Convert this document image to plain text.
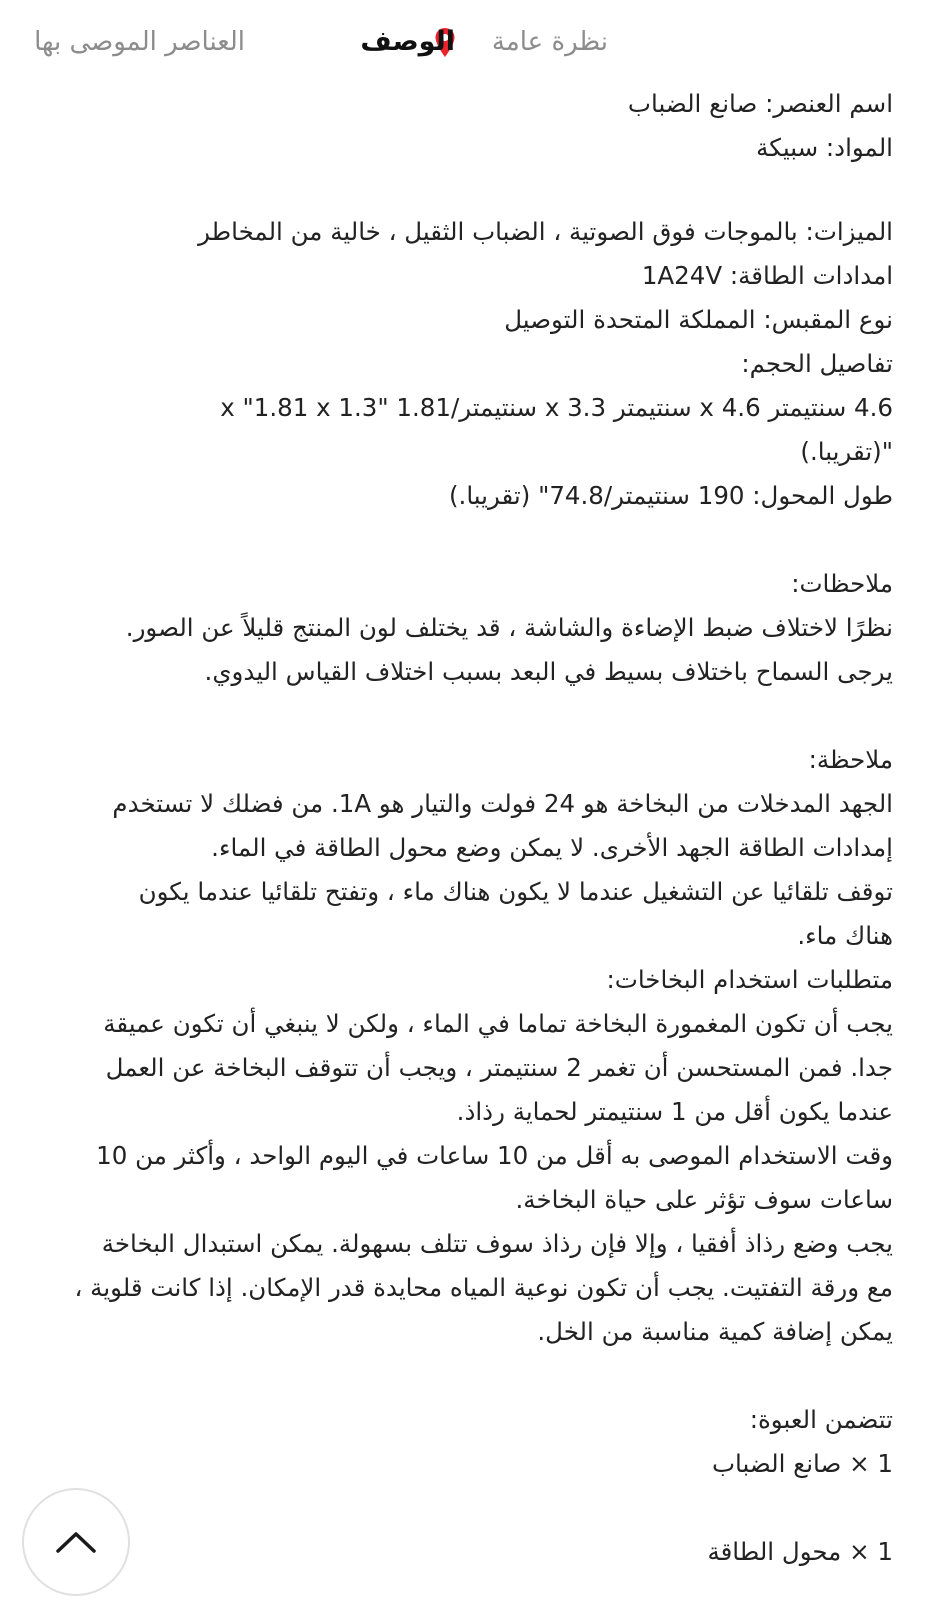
نظرة عامة
الوصف
العناصر الموصى بها

اسم العنصر: صانع الضباب

المواد: سبيكة

الميزات: بالموجات فوق الصوتية ، الضباب الثقيل ، خالية من المخاطر

امدادات الطاقة: 1A24V

نوع المقبس: المملكة المتحدة التوصيل

تفاصيل الحجم:

4.6 سنتيمتر x 4.6 سنتيمتر x 3.3 سنتيمتر/1.81 "1.3 x "1.81 x

"(تقريبا.)

طول المحول: 190 سنتيمتر/74.8" (تقريبا.)

ملاحظات:

نظرًا لاختلاف ضبط الإضاءة والشاشة ، قد يختلف لون المنتج قليلاً عن الصور.

يرجى السماح باختلاف بسيط في البعد بسبب اختلاف القياس اليدوي.

ملاحظة:

الجهد المدخلات من البخاخة هو 24 فولت والتيار هو 1A. من فضلك لا تستخدم

إمدادات الطاقة الجهد الأخرى. لا يمكن وضع محول الطاقة في الماء.

توقف تلقائيا عن التشغيل عندما لا يكون هناك ماء ، وتفتح تلقائيا عندما يكون

هناك ماء.

متطلبات استخدام البخاخات:

يجب أن تكون المغمورة البخاخة تماما في الماء ، ولكن لا ينبغي أن تكون عميقة

جدا. فمن المستحسن أن تغمر 2 سنتيمتر ، ويجب أن تتوقف البخاخة عن العمل

عندما يكون أقل من 1 سنتيمتر لحماية رذاذ.

وقت الاستخدام الموصى به أقل من 10 ساعات في اليوم الواحد ، وأكثر من 10

ساعات سوف تؤثر على حياة البخاخة.

يجب وضع رذاذ أفقيا ، وإلا فإن رذاذ سوف تتلف بسهولة. يمكن استبدال البخاخة

مع ورقة التفتيت. يجب أن تكون نوعية المياه محايدة قدر الإمكان. إذا كانت قلوية ،

يمكن إضافة كمية مناسبة من الخل.

تتضمن العبوة:

1 × صانع الضباب

1 × محول الطاقة
